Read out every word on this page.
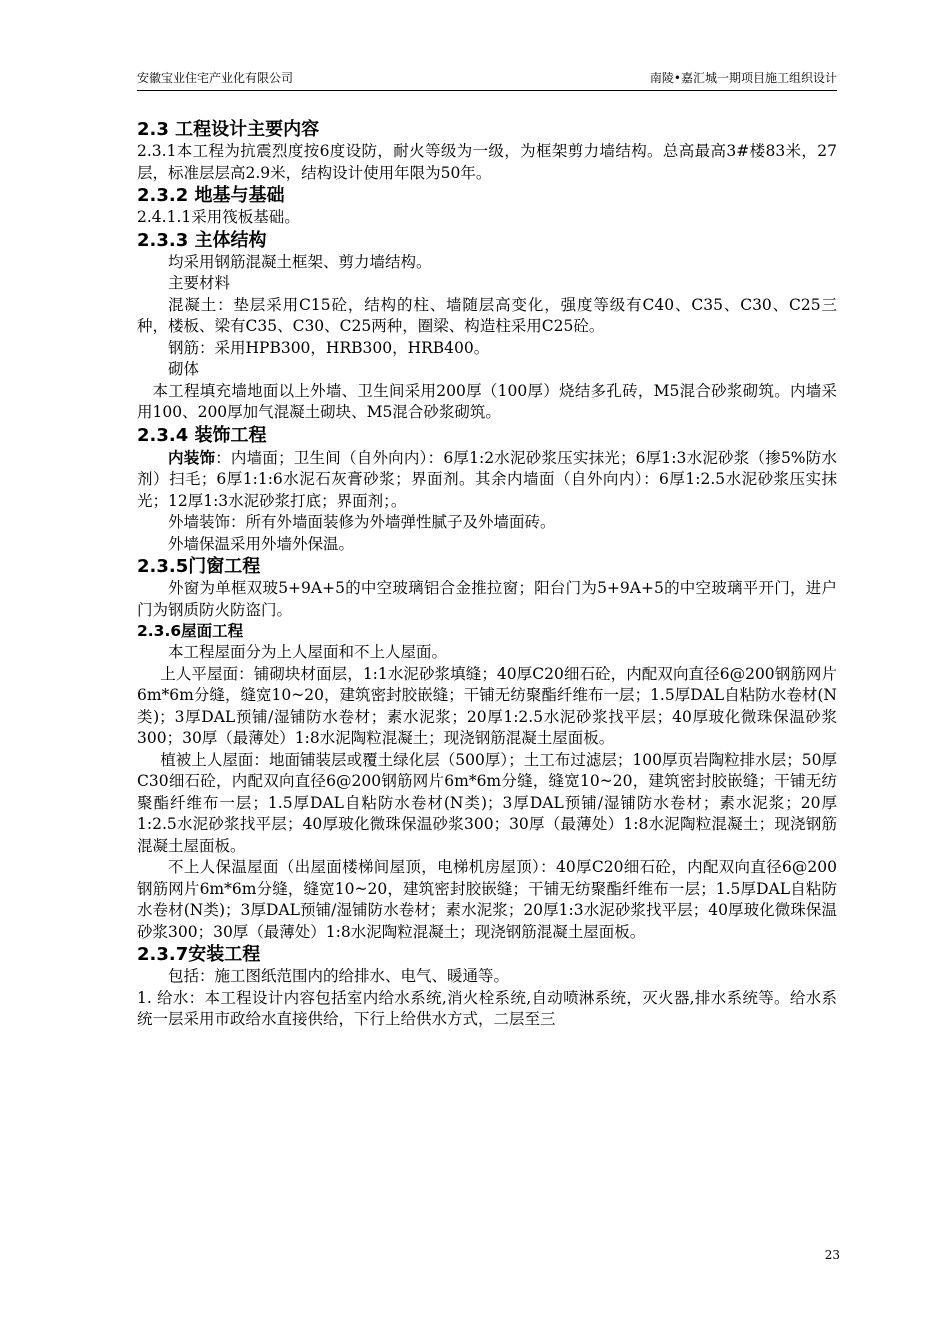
安徽宝业住宅产业化有限公司	南陵•嘉汇城一期项目施工组织设计
2.3 工程设计主要内容

2.3.1本工程为抗震烈度按6度设防，耐火等级为一级，为框架剪力墙结构。总高最高3#楼83米，27层，标准层层高2.9米，结构设计使用年限为50年。

2.3.2 地基与基础

2.4.1.1采用筏板基础。

2.3.3 主体结构

均采用钢筋混凝土框架、剪力墙结构。

主要材料

混凝土：垫层采用C15砼，结构的柱、墙随层高变化，强度等级有C40、C35、C30、C25三种，楼板、梁有C35、C30、C25两种，圈梁、构造柱采用C25砼。

钢筋：采用HPB300，HRB300，HRB400。

砌体

本工程填充墙地面以上外墙、卫生间采用200厚（100厚）烧结多孔砖，M5混合砂浆砌筑。内墙采用100、200厚加气混凝土砌块、M5混合砂浆砌筑。

2.3.4 装饰工程

内装饰：内墙面；卫生间（自外向内）：6厚1:2水泥砂浆压实抹光；6厚1:3水泥砂浆（掺5%防水剂）扫毛；6厚1:1:6水泥石灰膏砂浆；界面剂。其余内墙面（自外向内）：6厚1:2.5水泥砂浆压实抹光；12厚1:3水泥砂浆打底；界面剂；。

外墙装饰：所有外墙面装修为外墙弹性腻子及外墙面砖。

外墙保温采用外墙外保温。

2.3.5门窗工程

外窗为单框双玻5+9A+5的中空玻璃铝合金推拉窗；阳台门为5+9A+5的中空玻璃平开门，进户门为钢质防火防盗门。

2.3.6屋面工程

本工程屋面分为上人屋面和不上人屋面。

上人平屋面：铺砌块材面层，1:1水泥砂浆填缝；40厚C20细石砼，内配双向直径6@200钢筋网片6m*6m分缝，缝宽10~20，建筑密封胶嵌缝；干铺无纺聚酯纤维布一层；1.5厚DAL自粘防水卷材(N类)；3厚DAL预铺/湿铺防水卷材；素水泥浆；20厚1:2.5水泥砂浆找平层；40厚玻化微珠保温砂浆300；30厚（最薄处）1:8水泥陶粒混凝土；现浇钢筋混凝土屋面板。

植被上人屋面：地面铺装层或覆土绿化层（500厚）；土工布过滤层；100厚页岩陶粒排水层；50厚C30细石砼，内配双向直径6@200钢筋网片6m*6m分缝，缝宽10~20，建筑密封胶嵌缝；干铺无纺聚酯纤维布一层；1.5厚DAL自粘防水卷材(N类)；3厚DAL预铺/湿铺防水卷材；素水泥浆；20厚1:2.5水泥砂浆找平层；40厚玻化微珠保温砂浆300；30厚（最薄处）1:8水泥陶粒混凝土；现浇钢筋混凝土屋面板。

不上人保温屋面（出屋面楼梯间屋顶，电梯机房屋顶）：40厚C20细石砼，内配双向直径6@200钢筋网片6m*6m分缝，缝宽10~20，建筑密封胶嵌缝；干铺无纺聚酯纤维布一层；1.5厚DAL自粘防水卷材(N类)；3厚DAL预铺/湿铺防水卷材；素水泥浆；20厚1:3水泥砂浆找平层；40厚玻化微珠保温砂浆300；30厚（最薄处）1:8水泥陶粒混凝土；现浇钢筋混凝土屋面板。

2.3.7安装工程

包括：施工图纸范围内的给排水、电气、暖通等。

1. 给水：本工程设计内容包括室内给水系统,消火栓系统,自动喷淋系统，灭火器,排水系统等。给水系统一层采用市政给水直接供给，下行上给供水方式，二层至三

23
